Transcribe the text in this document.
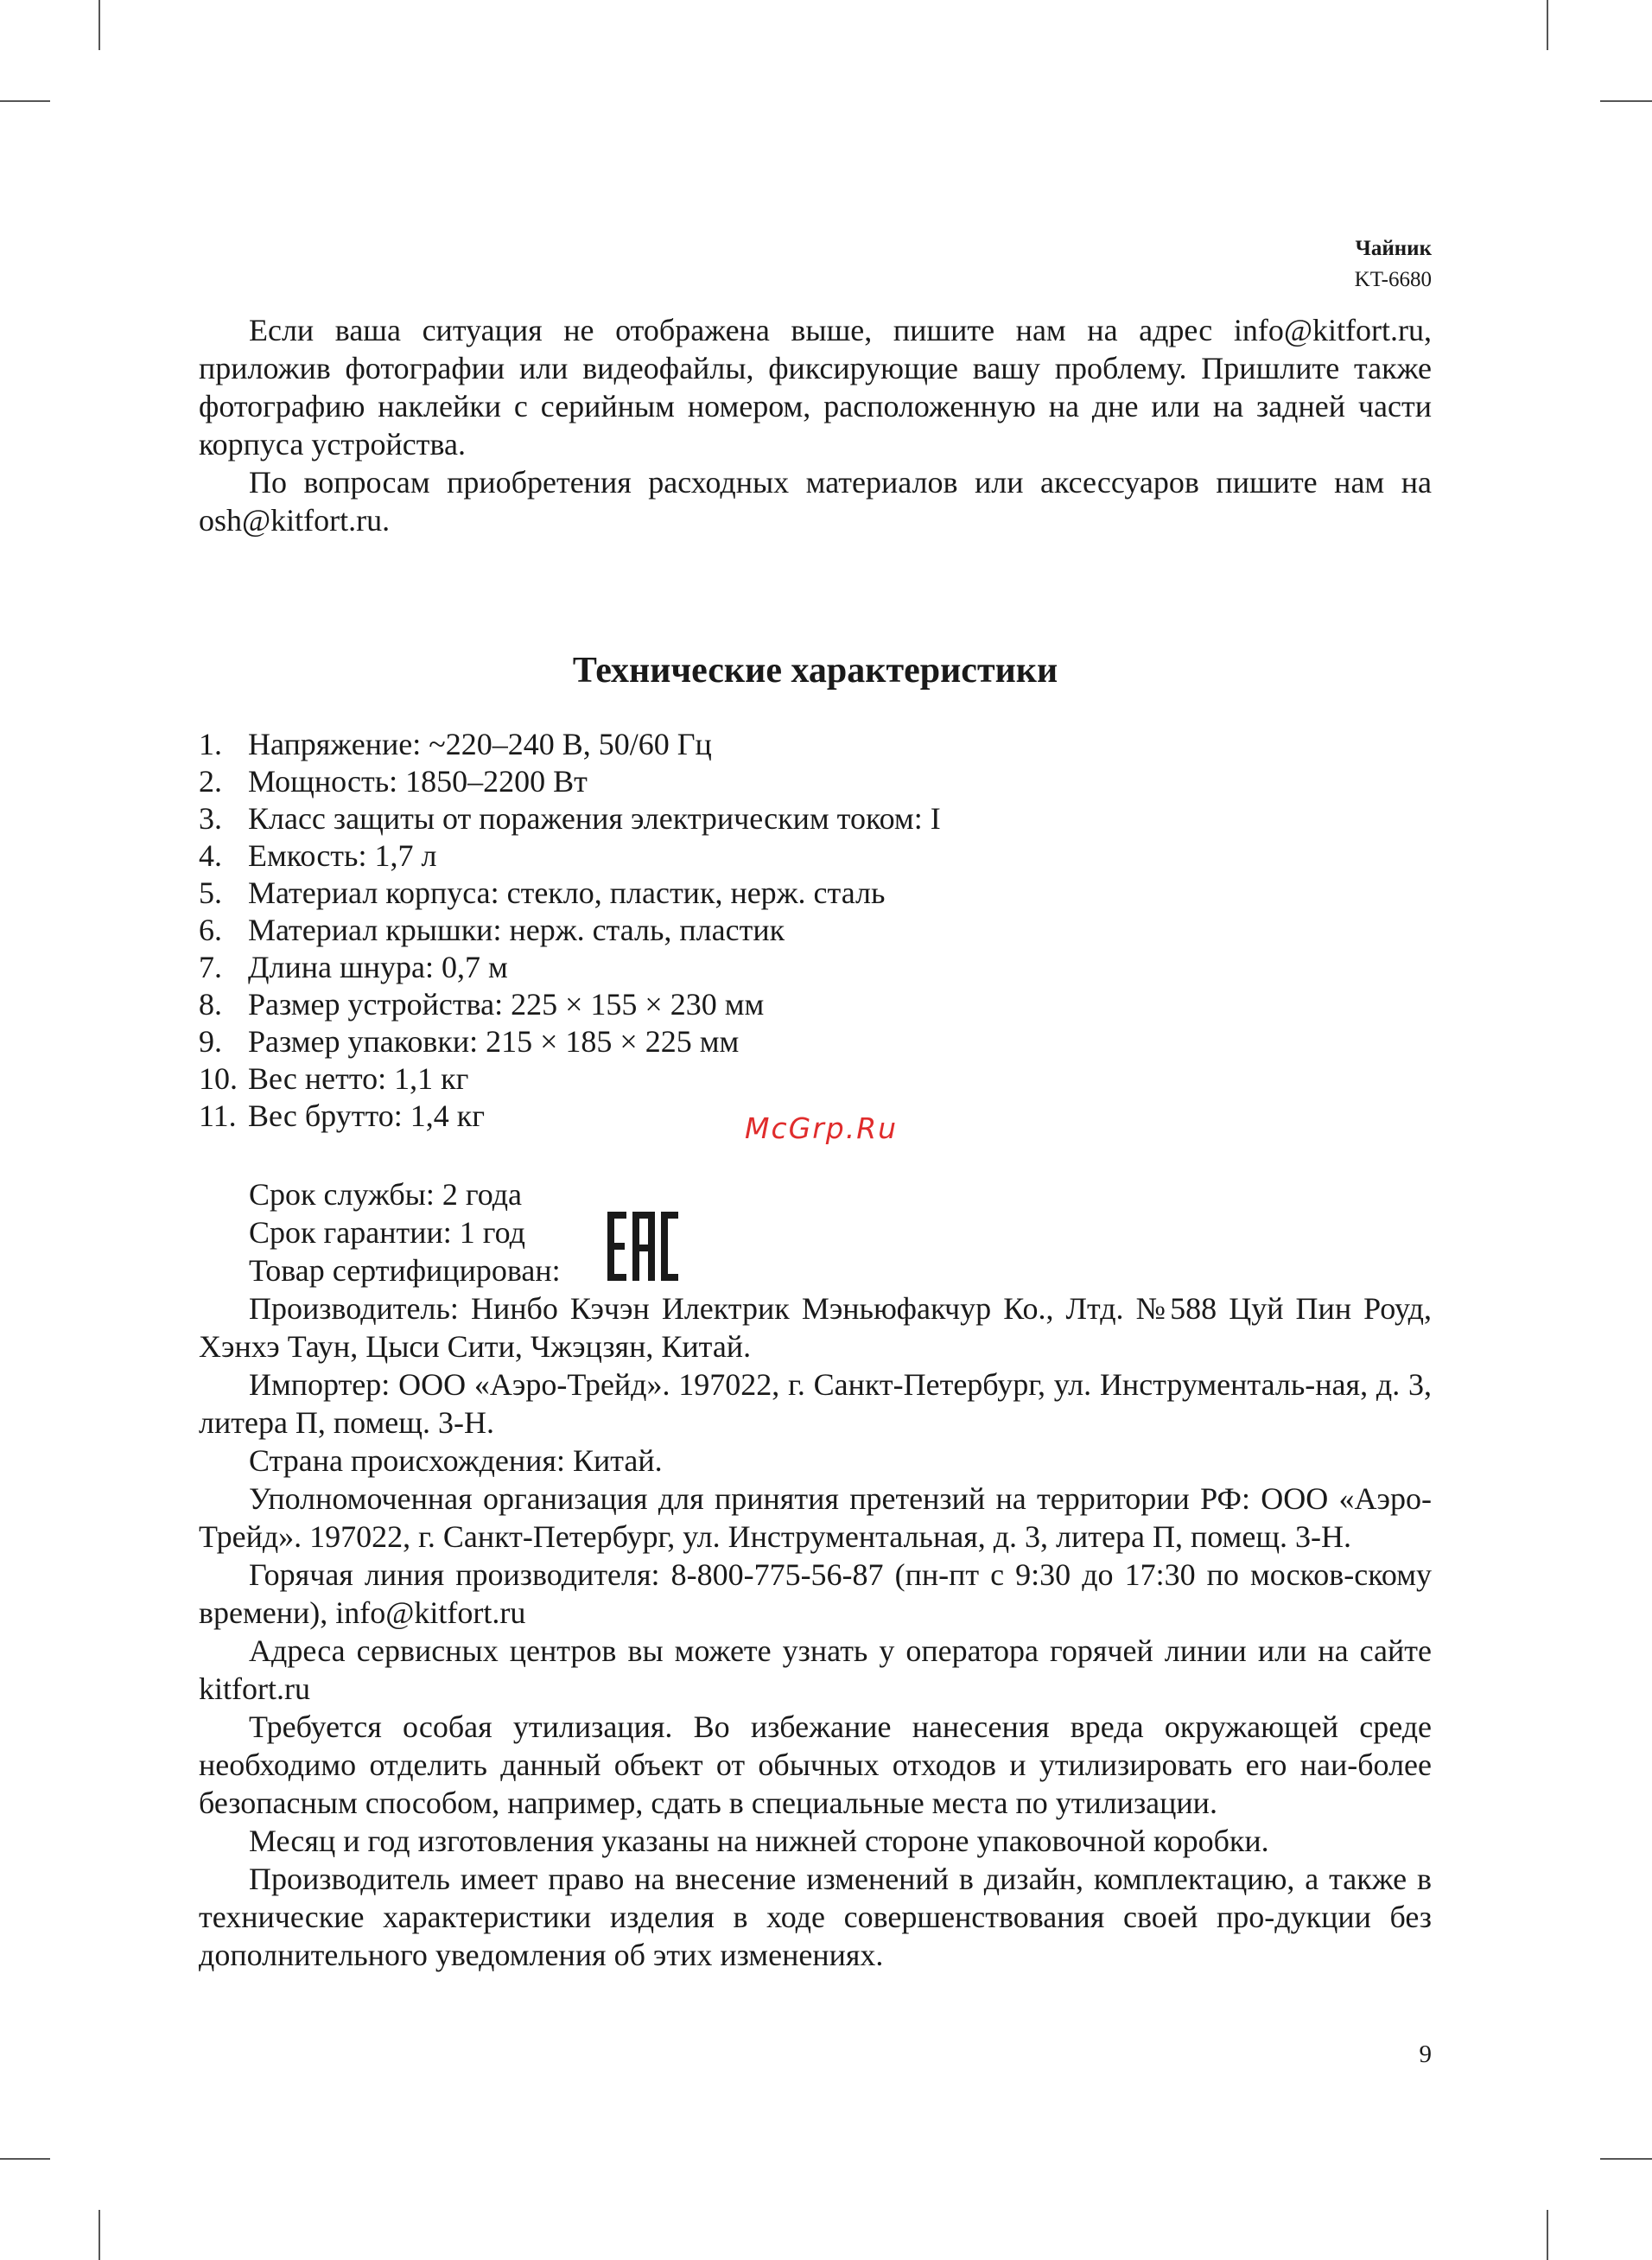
Чайник
KT-6680

Если ваша ситуация не отображена выше, пишите нам на адрес info@kitfort.ru, приложив фотографии или видеофайлы, фиксирующие вашу проблему. Пришлите также фотографию наклейки с серийным номером, расположенную на дне или на задней части корпуса устройства.

По вопросам приобретения расходных материалов или аксессуаров пишите нам на osh@kitfort.ru.

Технические характеристики
1. Напряжение: ~220–240 В, 50/60 Гц
2. Мощность: 1850–2200 Вт
3. Класс защиты от поражения электрическим током: I
4. Емкость: 1,7 л
5. Материал корпуса: стекло, пластик, нерж. сталь
6. Материал крышки: нерж. сталь, пластик
7. Длина шнура: 0,7 м
8. Размер устройства: 225 × 155 × 230 мм
9. Размер упаковки: 215 × 185 × 225 мм
10. Вес нетто: 1,1 кг
11. Вес брутто: 1,4 кг	McGrp.Ru
Срок службы: 2 года
Срок гарантии: 1 год
Товар сертифицирован:

Производитель: Нинбо Кэчэн Илектрик Мэньюфакчур Ко., Лтд. №588 Цуй Пин Роуд, Хэнхэ Таун, Цыси Сити, Чжэцзян, Китай.

Импортер: ООО «Аэро-Трейд». 197022, г. Санкт-Петербург, ул. Инструменталь-ная, д. 3, литера П, помещ. 3-Н.

Страна происхождения: Китай.

Уполномоченная организация для принятия претензий на территории РФ: ООО «Аэро-Трейд». 197022, г. Санкт-Петербург, ул. Инструментальная, д. 3, литера П, помещ. 3-Н.

Горячая линия производителя: 8-800-775-56-87 (пн-пт с 9:30 до 17:30 по москов-скому времени), info@kitfort.ru

Адреса сервисных центров вы можете узнать у оператора горячей линии или на сайте kitfort.ru

Требуется особая утилизация. Во избежание нанесения вреда окружающей среде необходимо отделить данный объект от обычных отходов и утилизировать его наи-более безопасным способом, например, сдать в специальные места по утилизации.

Месяц и год изготовления указаны на нижней стороне упаковочной коробки.

Производитель имеет право на внесение изменений в дизайн, комплектацию, а также в технические характеристики изделия в ходе совершенствования своей про-дукции без дополнительного уведомления об этих изменениях.

9
